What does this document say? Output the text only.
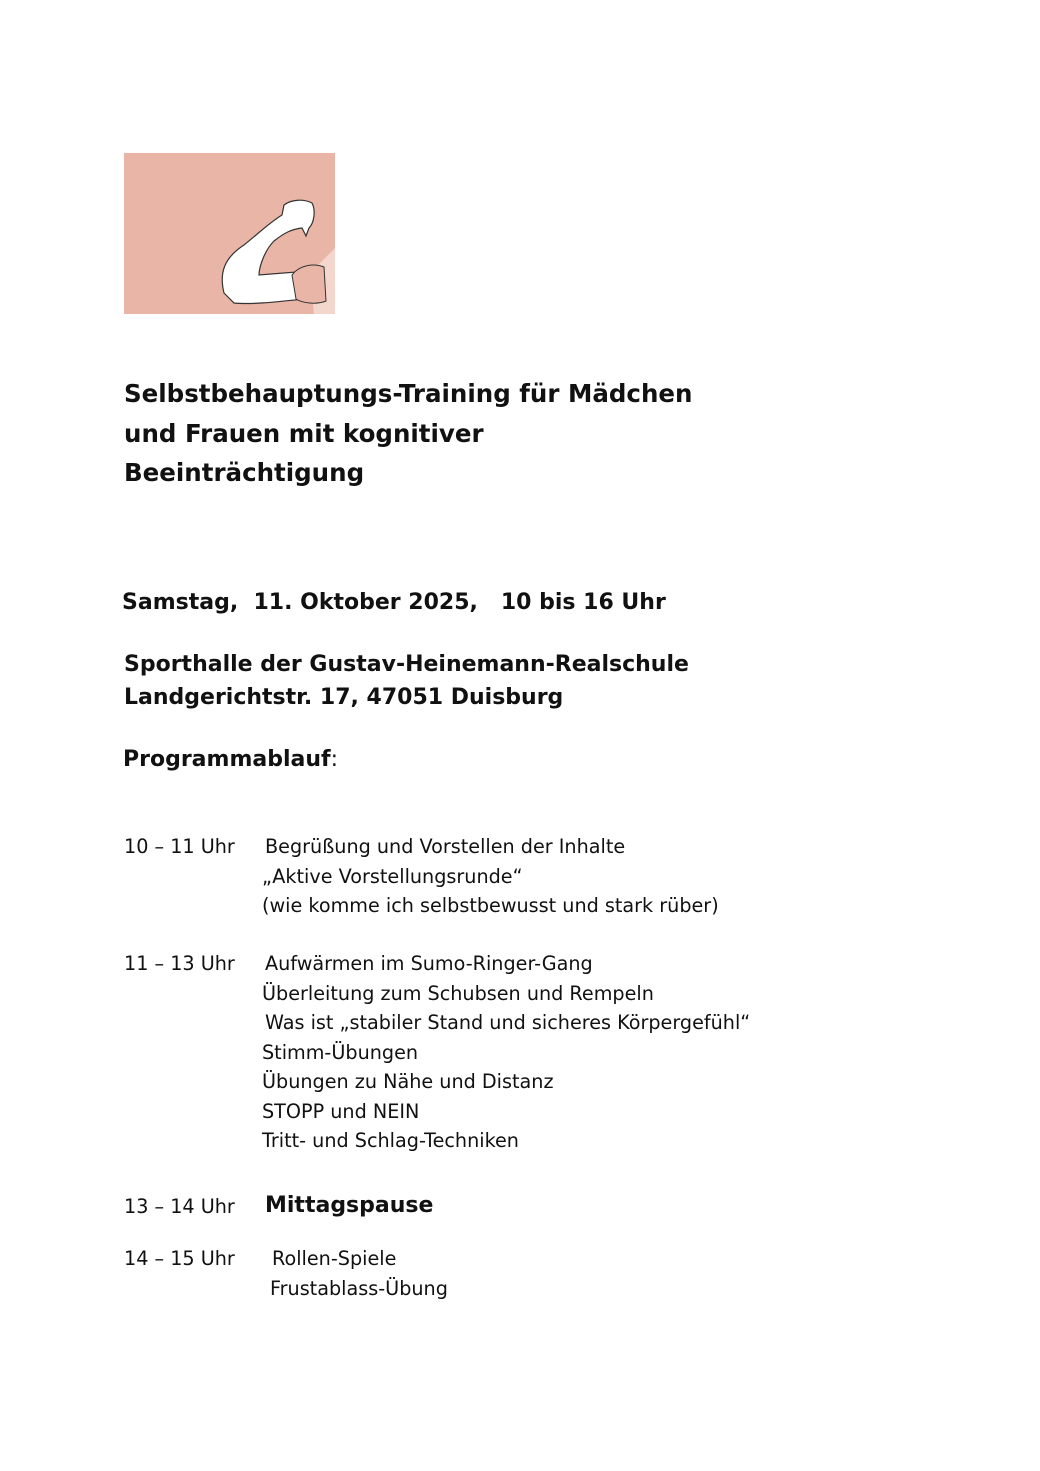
Selbstbehauptungs-Training für Mädchen
und Frauen mit kognitiver
Beeinträchtigung
Samstag,  11. Oktober 2025,   10 bis 16 Uhr
Sporthalle der Gustav-Heinemann-Realschule
Landgerichtstr. 17, 47051 Duisburg
Programmablauf:
10 – 11 Uhr Begrüßung und Vorstellen der Inhalte
„Aktive Vorstellungsrunde“
(wie komme ich selbstbewusst und stark rüber)
11 – 13 Uhr Aufwärmen im Sumo-Ringer-Gang
Überleitung zum Schubsen und Rempeln
Was ist „stabiler Stand und sicheres Körpergefühl“
Stimm-Übungen
Übungen zu Nähe und Distanz
STOPP und NEIN
Tritt- und Schlag-Techniken
13 – 14 Uhr Mittagspause
14 – 15 Uhr Rollen-Spiele
Frustablass-Übung
